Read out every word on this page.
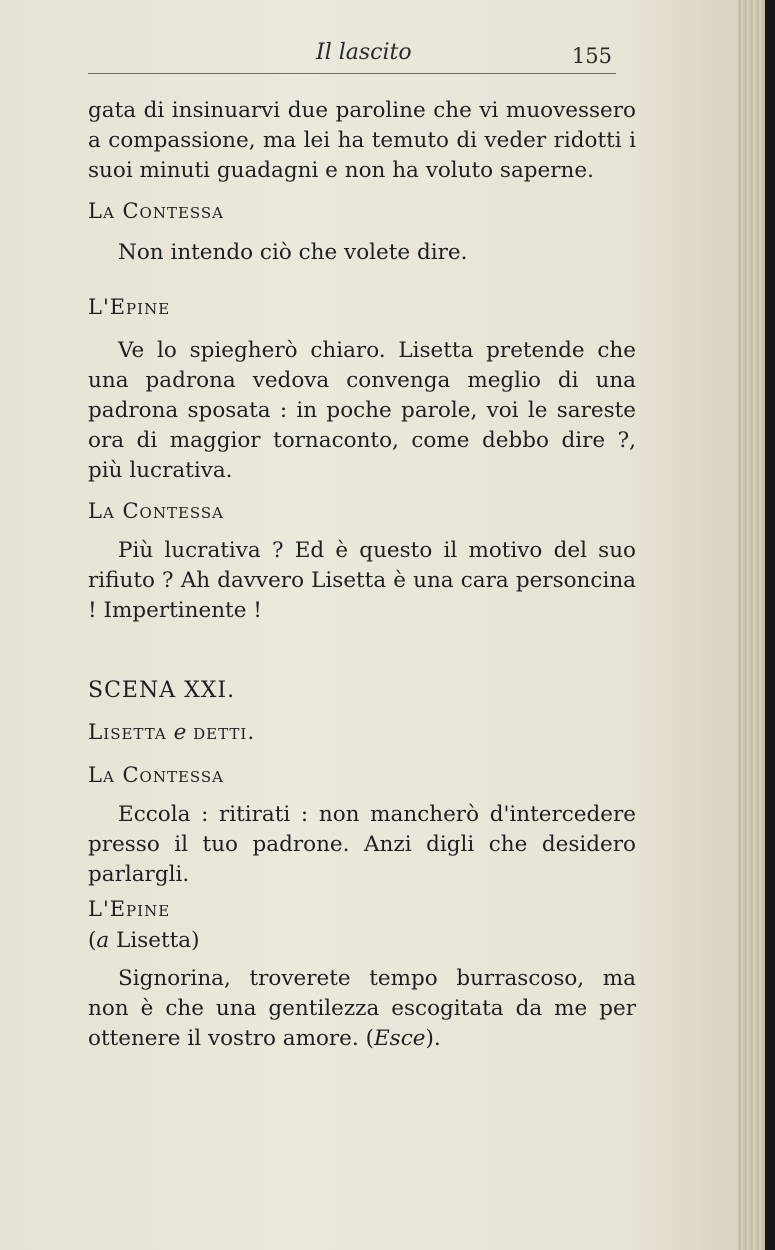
Il lascito	155

gata di insinuarvi due paroline che vi muovessero a compassione, ma lei ha temuto di veder ridotti i suoi minuti guadagni e non ha voluto saperne.

La Contessa

Non intendo ciò che volete dire.

L'Epine

Ve lo spiegherò chiaro. Lisetta pretende che una padrona vedova convenga meglio di una padrona sposata : in poche parole, voi le sareste ora di maggior tornaconto, come debbo dire ?, più lucrativa.

La Contessa

Più lucrativa ? Ed è questo il motivo del suo rifiuto ? Ah davvero Lisetta è una cara personcina ! Impertinente !

SCENA XXI.

Lisetta e detti.

La Contessa

Eccola : ritirati : non mancherò d'intercedere presso il tuo padrone. Anzi digli che desidero parlargli.

L'Epine

(a Lisetta)

Signorina, troverete tempo burrascoso, ma non è che una gentilezza escogitata da me per ottenere il vostro amore. (Esce).
